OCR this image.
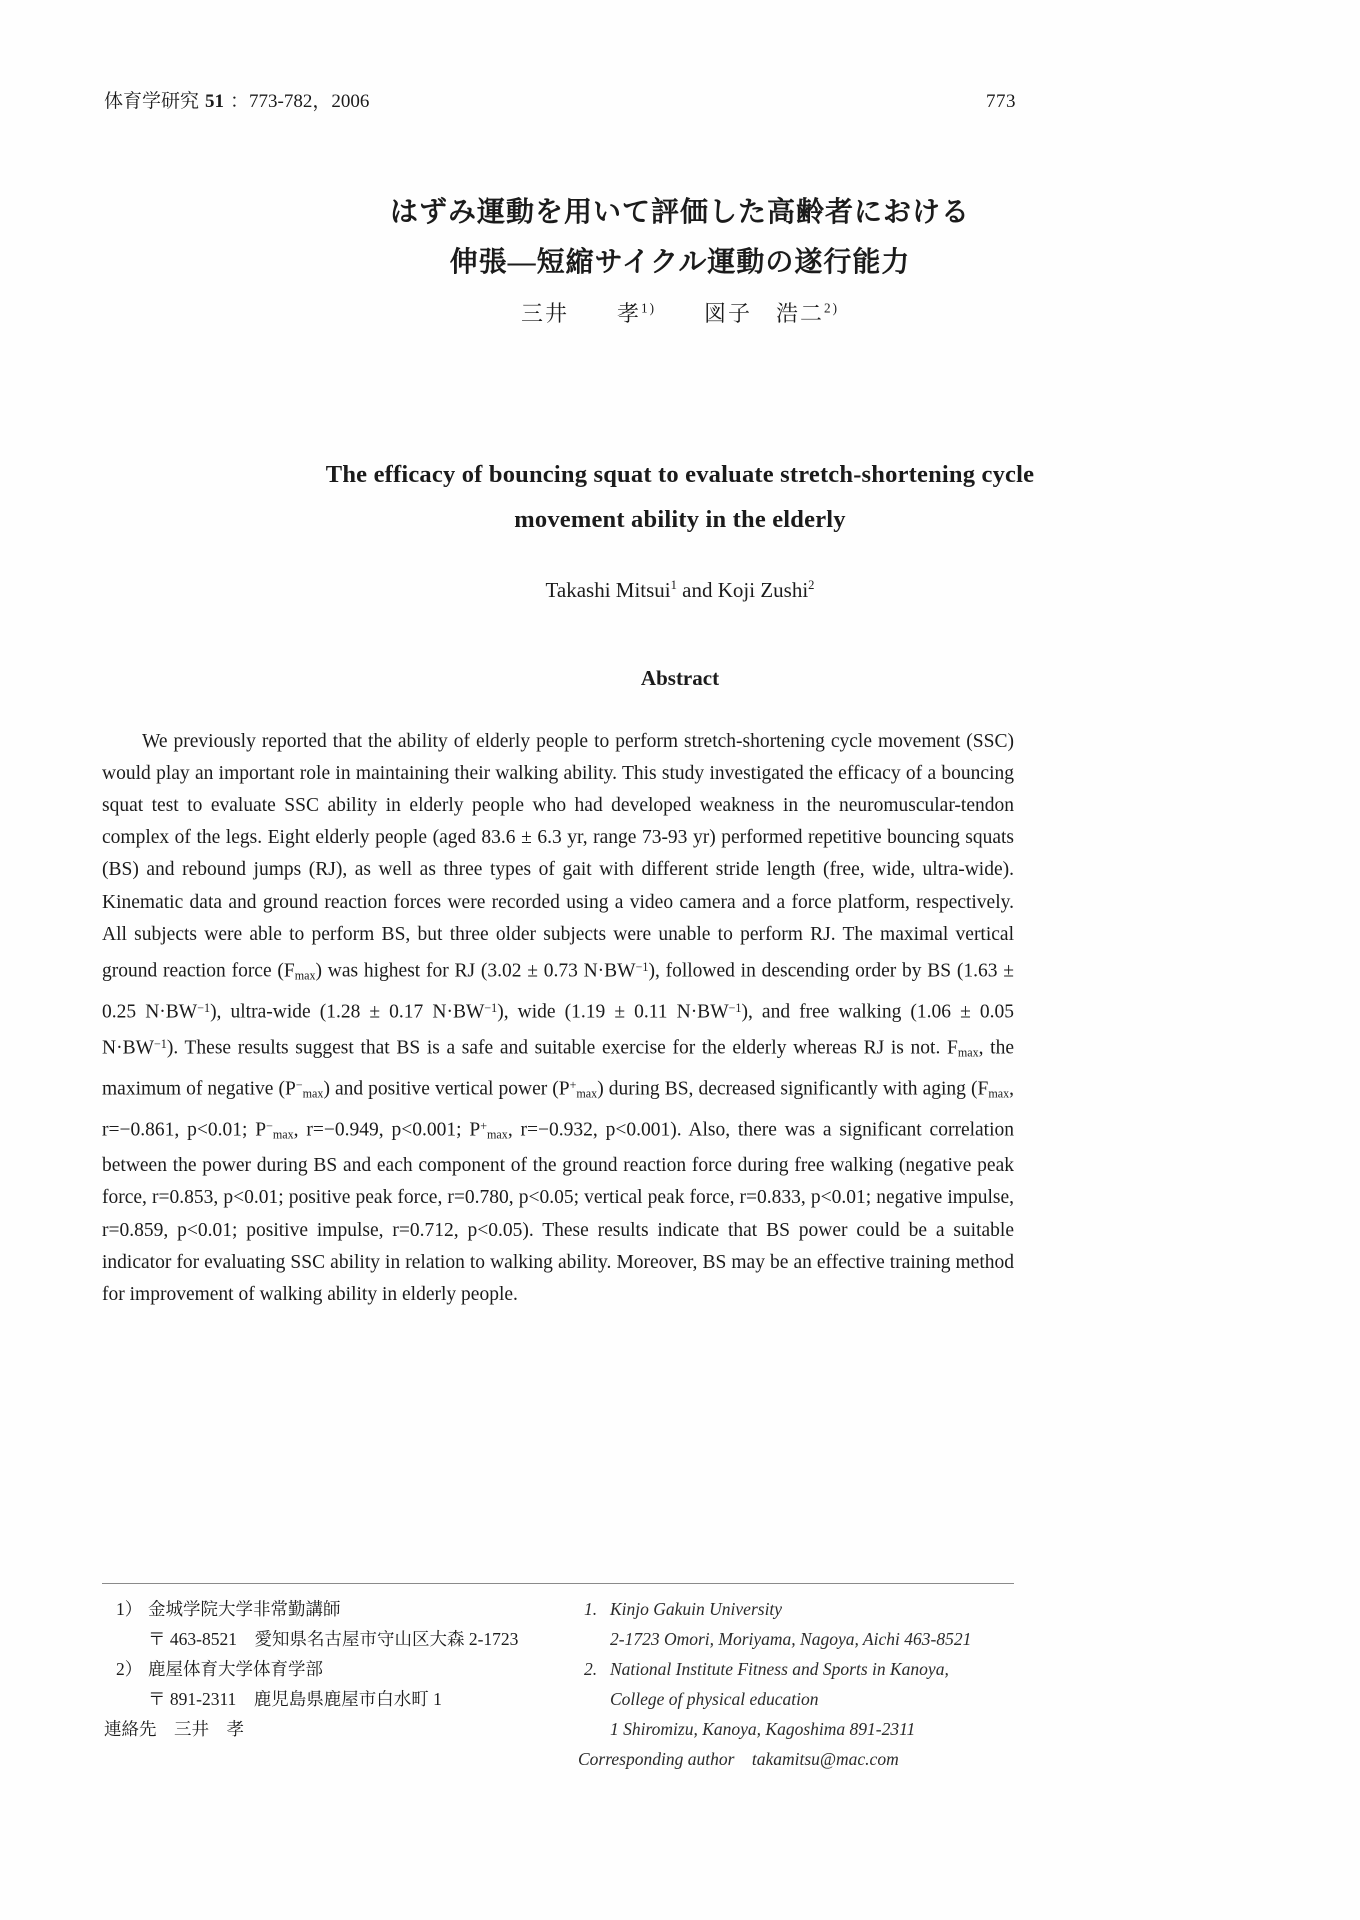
体育学研究 51 ：773-782，2006	773
はずみ運動を用いて評価した高齢者における
伸張―短縮サイクル運動の遂行能力
三井　　孝$^{1)}$　　図子　浩二$^{2)}$
The efficacy of bouncing squat to evaluate stretch-shortening cycle
movement ability in the elderly
Takashi Mitsui$^1$ and Koji Zushi$^2$
Abstract

We previously reported that the ability of elderly people to perform stretch-shortening cycle movement (SSC) would play an important role in maintaining their walking ability. This study investigated the efficacy of a bouncing squat test to evaluate SSC ability in elderly people who had developed weakness in the neuromuscular-tendon complex of the legs. Eight elderly people (aged 83.6 ± 6.3 yr, range 73-93 yr) performed repetitive bouncing squats (BS) and rebound jumps (RJ), as well as three types of gait with different stride length (free, wide, ultra-wide). Kinematic data and ground reaction forces were recorded using a video camera and a force platform, respectively. All subjects were able to perform BS, but three older subjects were unable to perform RJ. The maximal vertical ground reaction force $(F_{max})$ was highest for RJ (3.02 ± 0.73 $N\cdot BW^{-1}$), followed in descending order by BS (1.63 ± 0.25 $N\cdot BW^{-1}$), ultra-wide (1.28 ± 0.17 $N\cdot BW^{-1}$), wide (1.19 ± 0.11 $N\cdot BW^{-1}$), and free walking (1.06 ± 0.05 $N\cdot BW^{-1}$). These results suggest that BS is a safe and suitable exercise for the elderly whereas RJ is not. $F_{max}$, the maximum of negative $(P^-_{max})$ and positive vertical power $(P^+_{max})$ during BS, decreased significantly with aging ($F_{max}$, r=−0.861, p<0.01; $P^-_{max}$, r=−0.949, p<0.001; $P^+_{max}$, r=−0.932, p<0.001). Also, there was a significant correlation between the power during BS and each component of the ground reaction force during free walking (negative peak force, r=0.853, p<0.01; positive peak force, r=0.780, p<0.05; vertical peak force, r=0.833, p<0.01; negative impulse, r=0.859, p<0.01; positive impulse, r=0.712, p<0.05). These results indicate that BS power could be a suitable indicator for evaluating SSC ability in relation to walking ability. Moreover, BS may be an effective training method for improvement of walking ability in elderly people.

1） 金城学院大学非常勤講師
〒 463-8521　愛知県名古屋市守山区大森 2-1723
2） 鹿屋体育大学体育学部
〒 891-2311　鹿児島県鹿屋市白水町 1
連絡先　三井　孝
1. Kinjo Gakuin University
2-1723 Omori, Moriyama, Nagoya, Aichi 463-8521
2. National Institute Fitness and Sports in Kanoya,
College of physical education
1 Shiromizu, Kanoya, Kagoshima 891-2311
Corresponding author　takamitsu@mac.com
